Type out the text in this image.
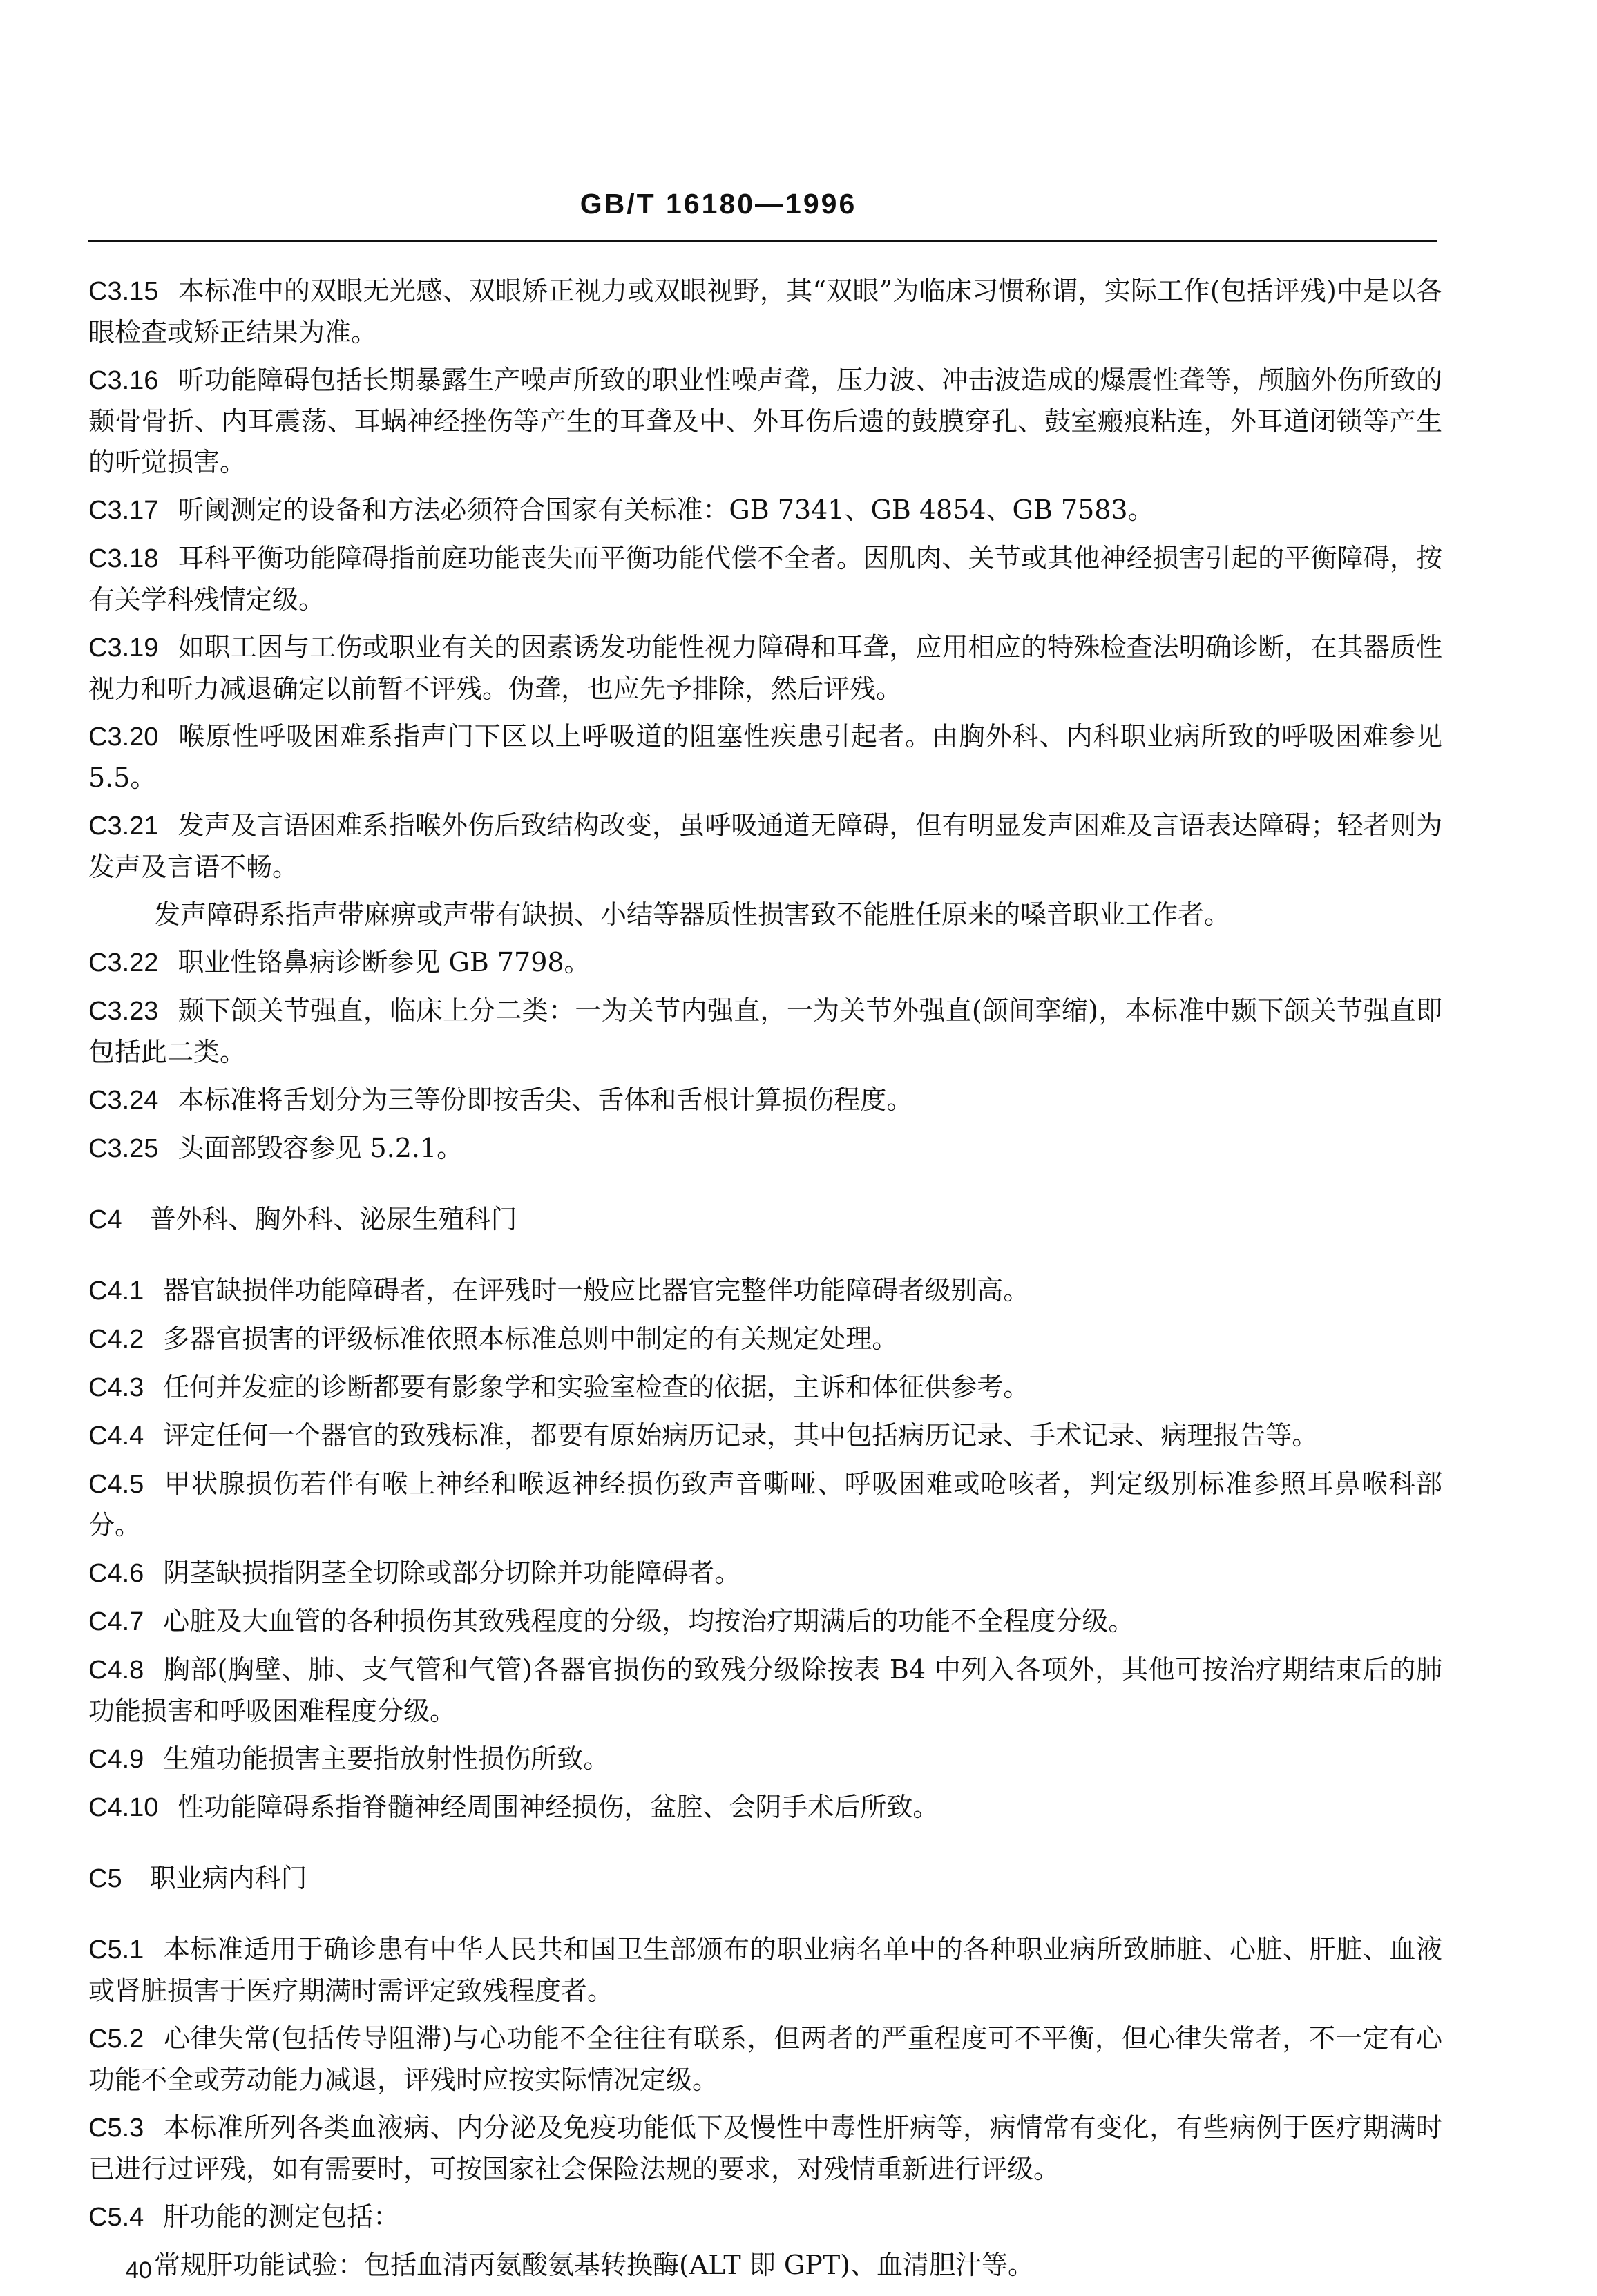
GB/T 16180—1996
C3.15 本标准中的双眼无光感、双眼矫正视力或双眼视野，其“双眼”为临床习惯称谓，实际工作(包括评残)中是以各眼检查或矫正结果为准。
C3.16 听功能障碍包括长期暴露生产噪声所致的职业性噪声聋，压力波、冲击波造成的爆震性聋等，颅脑外伤所致的颞骨骨折、内耳震荡、耳蜗神经挫伤等产生的耳聋及中、外耳伤后遗的鼓膜穿孔、鼓室瘢痕粘连，外耳道闭锁等产生的听觉损害。
C3.17 听阈测定的设备和方法必须符合国家有关标准：GB 7341、GB 4854、GB 7583。
C3.18 耳科平衡功能障碍指前庭功能丧失而平衡功能代偿不全者。因肌肉、关节或其他神经损害引起的平衡障碍，按有关学科残情定级。
C3.19 如职工因与工伤或职业有关的因素诱发功能性视力障碍和耳聋，应用相应的特殊检查法明确诊断，在其器质性视力和听力减退确定以前暂不评残。伪聋，也应先予排除，然后评残。
C3.20 喉原性呼吸困难系指声门下区以上呼吸道的阻塞性疾患引起者。由胸外科、内科职业病所致的呼吸困难参见 5.5。
C3.21 发声及言语困难系指喉外伤后致结构改变，虽呼吸通道无障碍，但有明显发声困难及言语表达障碍；轻者则为发声及言语不畅。
发声障碍系指声带麻痹或声带有缺损、小结等器质性损害致不能胜任原来的嗓音职业工作者。
C3.22 职业性铬鼻病诊断参见 GB 7798。
C3.23 颞下颌关节强直，临床上分二类：一为关节内强直，一为关节外强直(颌间挛缩)，本标准中颞下颌关节强直即包括此二类。
C3.24 本标准将舌划分为三等份即按舌尖、舌体和舌根计算损伤程度。
C3.25 头面部毁容参见 5.2.1。
C4 普外科、胸外科、泌尿生殖科门
C4.1 器官缺损伴功能障碍者，在评残时一般应比器官完整伴功能障碍者级别高。
C4.2 多器官损害的评级标准依照本标准总则中制定的有关规定处理。
C4.3 任何并发症的诊断都要有影象学和实验室检查的依据，主诉和体征供参考。
C4.4 评定任何一个器官的致残标准，都要有原始病历记录，其中包括病历记录、手术记录、病理报告等。
C4.5 甲状腺损伤若伴有喉上神经和喉返神经损伤致声音嘶哑、呼吸困难或呛咳者，判定级别标准参照耳鼻喉科部分。
C4.6 阴茎缺损指阴茎全切除或部分切除并功能障碍者。
C4.7 心脏及大血管的各种损伤其致残程度的分级，均按治疗期满后的功能不全程度分级。
C4.8 胸部(胸壁、肺、支气管和气管)各器官损伤的致残分级除按表 B4 中列入各项外，其他可按治疗期结束后的肺功能损害和呼吸困难程度分级。
C4.9 生殖功能损害主要指放射性损伤所致。
C4.10 性功能障碍系指脊髓神经周围神经损伤，盆腔、会阴手术后所致。
C5 职业病内科门
C5.1 本标准适用于确诊患有中华人民共和国卫生部颁布的职业病名单中的各种职业病所致肺脏、心脏、肝脏、血液或肾脏损害于医疗期满时需评定致残程度者。
C5.2 心律失常(包括传导阻滞)与心功能不全往往有联系，但两者的严重程度可不平衡，但心律失常者，不一定有心功能不全或劳动能力减退，评残时应按实际情况定级。
C5.3 本标准所列各类血液病、内分泌及免疫功能低下及慢性中毒性肝病等，病情常有变化，有些病例于医疗期满时已进行过评残，如有需要时，可按国家社会保险法规的要求，对残情重新进行评级。
C5.4 肝功能的测定包括：
常规肝功能试验：包括血清丙氨酸氨基转换酶(ALT 即 GPT)、血清胆汁等。
40
